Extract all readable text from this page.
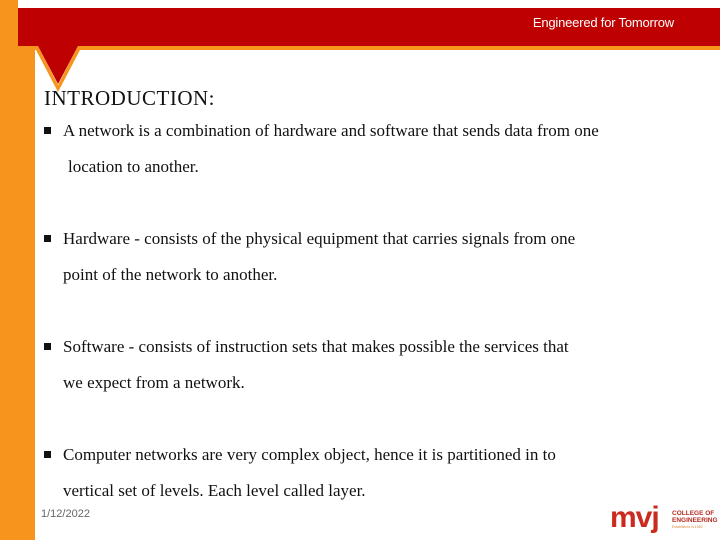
Engineered for Tomorrow
INTRODUCTION:
A network is a combination of hardware and software that sends data from one
location to another.
Hardware - consists of the physical equipment that carries signals from one
point of the network to another.
Software - consists of instruction sets that makes possible the services that
we expect from a network.
Computer networks are very complex object, hence it is partitioned in to
vertical set of levels. Each level called layer.
1/12/2022	mvj COLLEGE OF
ENGINEERING
Established in 1982
